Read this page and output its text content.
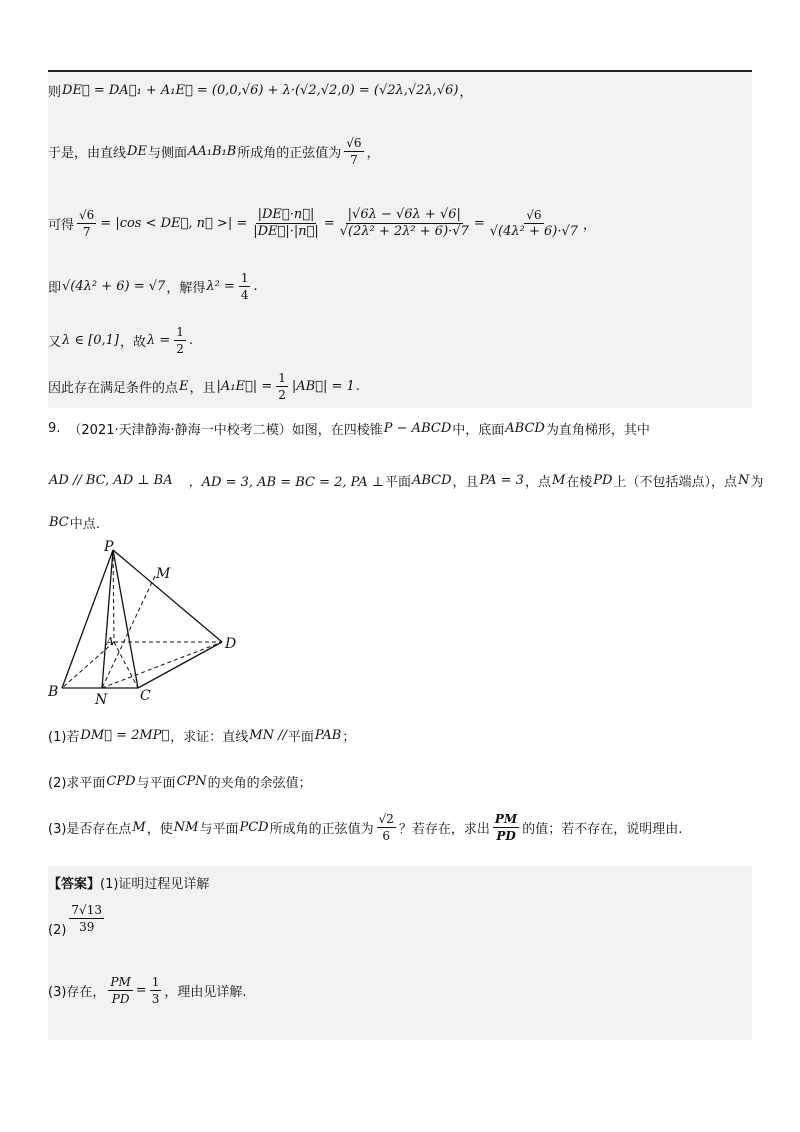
则 DE⃗ = DA⃗₁ + A₁E⃗ = (0,0,√6) + λ·(√2,√2,0) = (√2λ,√2λ,√6) ，
于是，由直线 DE 与侧面 AA₁B₁B 所成角的正弦值为 $\frac{√6}{7}$ ，
可得 $\frac{√6}{7} = |\cos$ < DE⃗, n⃗ >| = $\frac{|DE⃗\cdot n⃗|}{|DE⃗|\cdot|n⃗|} = \frac{|√6\lambda - √6\lambda + √6|}{\text{√(2λ² + 2λ² + 6)·√7}} = \frac{√6}{\text{√(4λ² + 6)·√7}}$ ，
即 √(4λ² + 6) = √7 ，解得 $\lambda^2 = \frac{1}{4}$ .
又 λ ∈ [0,1] ，故 $\lambda = \frac{1}{2}$ .
因此存在满足条件的点 E ，且 |A₁E⃗| = $\frac{1}{2}$ |AB⃗| = 1 .
9. （2021·天津静海·静海一中校考二模） 如图，在四棱锥 P − ABCD 中，底面 ABCD 为直角梯形，其中
AD // BC, AD ⊥ BA ，AD = 3, AB = BC = 2, PA ⊥ 平面 ABCD ，且 PA = 3 ，点 M 在棱 PD 上（不包括端点），点 N 为
BC 中点.
P
M
A	D
B	N C
(1)若 DM⃗ = 2MP⃗ ，求证：直线 MN // 平面 PAB ；
(2)求平面 CPD 与平面 CPN 的夹角的余弦值；
(3)是否存在点 M ，使 NM 与平面 PCD 所成角的正弦值为 $\frac{√2}{6}$ ？若存在，求出 $\frac{PM}{PD}$ 的值；若不存在，说明理由.
【答案】 (1)证明过程见详解
$(2) \frac{7√13}{39}$
(3)存在， $\frac{PM}{PD} = \frac{1}{3}$ ，理由见详解.
